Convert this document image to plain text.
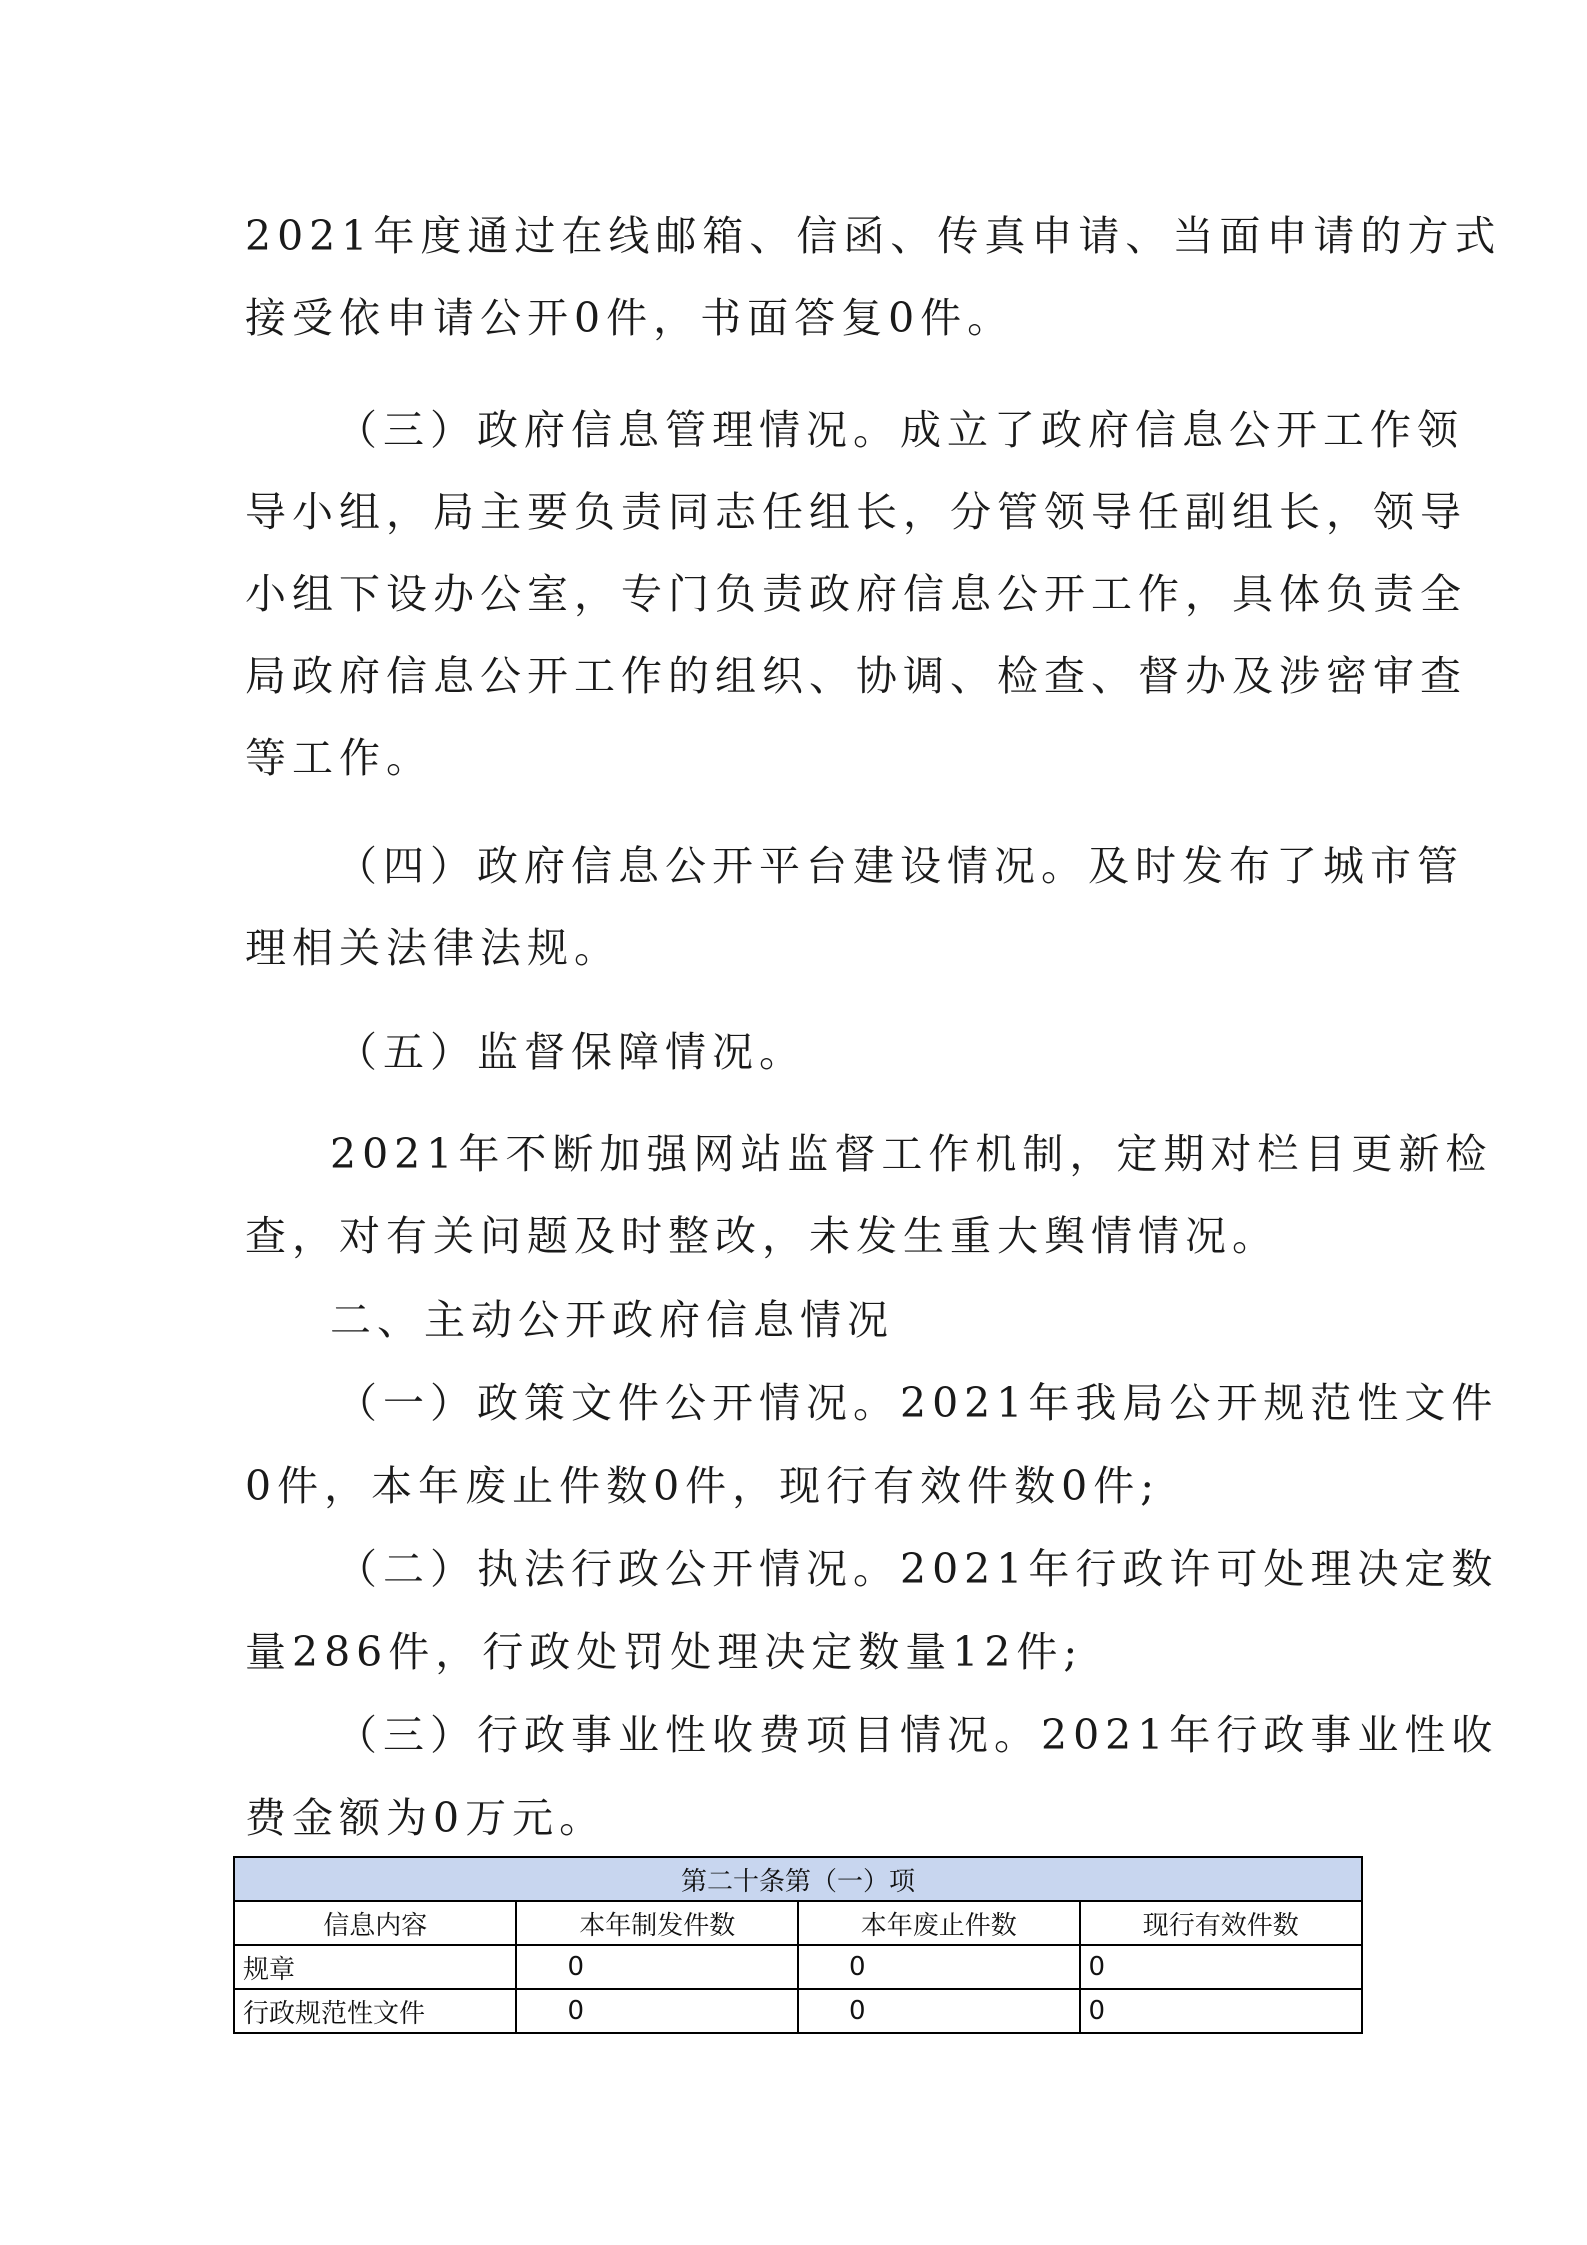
2021年度通过在线邮箱、信函、传真申请、当面申请的方式
接受依申请公开0件，书面答复0件。
（三）政府信息管理情况。成立了政府信息公开工作领
导小组，局主要负责同志任组长，分管领导任副组长，领导
小组下设办公室，专门负责政府信息公开工作，具体负责全
局政府信息公开工作的组织、协调、检查、督办及涉密审查
等工作。
（四）政府信息公开平台建设情况。及时发布了城市管
理相关法律法规。
（五）监督保障情况。
2021年不断加强网站监督工作机制，定期对栏目更新检
查，对有关问题及时整改，未发生重大舆情情况。
二、主动公开政府信息情况
（一）政策文件公开情况。2021年我局公开规范性文件
0件，本年废止件数0件，现行有效件数0件;
（二）执法行政公开情况。2021年行政许可处理决定数
量286件，行政处罚处理决定数量12件;
（三）行政事业性收费项目情况。2021年行政事业性收
费金额为0万元。
第二十条第（一）项			
信息内容	本年制发件数	本年废止件数	现行有效件数
规章	0	0	0
行政规范性文件	0	0	0
